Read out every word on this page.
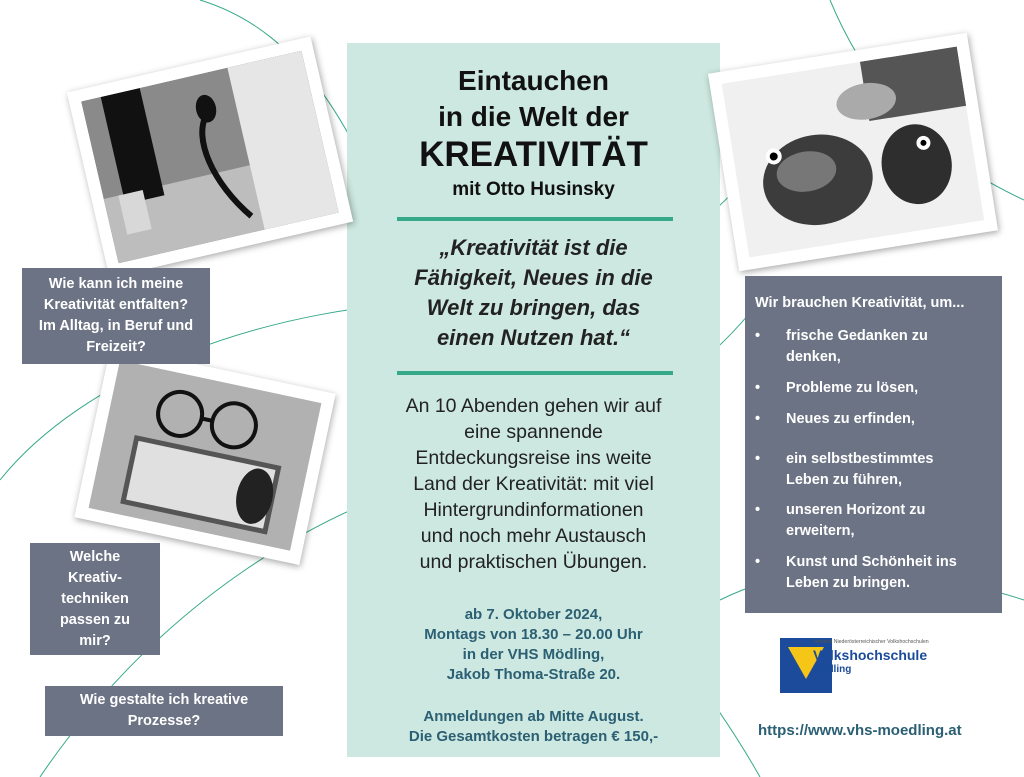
Eintauchen
in die Welt der
KREATIVITÄT
mit Otto Husinsky
„Kreativität ist die
Fähigkeit, Neues in die
Welt zu bringen, das
einen Nutzen hat.“
An 10 Abenden gehen wir auf
eine spannende
Entdeckungsreise ins weite
Land der Kreativität: mit viel
Hintergrundinformationen
und noch mehr Austausch
und praktischen Übungen.
ab 7. Oktober 2024,
Montags von 18.30 – 20.00 Uhr
in der VHS Mödling,
Jakob Thoma-Straße 20.
Anmeldungen ab Mitte August.
Die Gesamtkosten betragen € 150,-
Wie kann ich meine
Kreativität entfalten?
Im Alltag, in Beruf und
Freizeit?
Welche
Kreativ-
techniken
passen zu
mir?
Wie gestalte ich kreative
Prozesse?
Wir brauchen Kreativität, um...
• frische Gedanken zu
denken,
• Probleme zu lösen,
• Neues zu erfinden,
• ein selbstbestimmtes
Leben zu führen,
• unseren Horizont zu
erweitern,
• Kunst und Schönheit ins
Leben zu bringen.
Verband Niederösterreichischer Volkshochschulen
Volkshochschule
Mödling
https://www.vhs-moedling.at
